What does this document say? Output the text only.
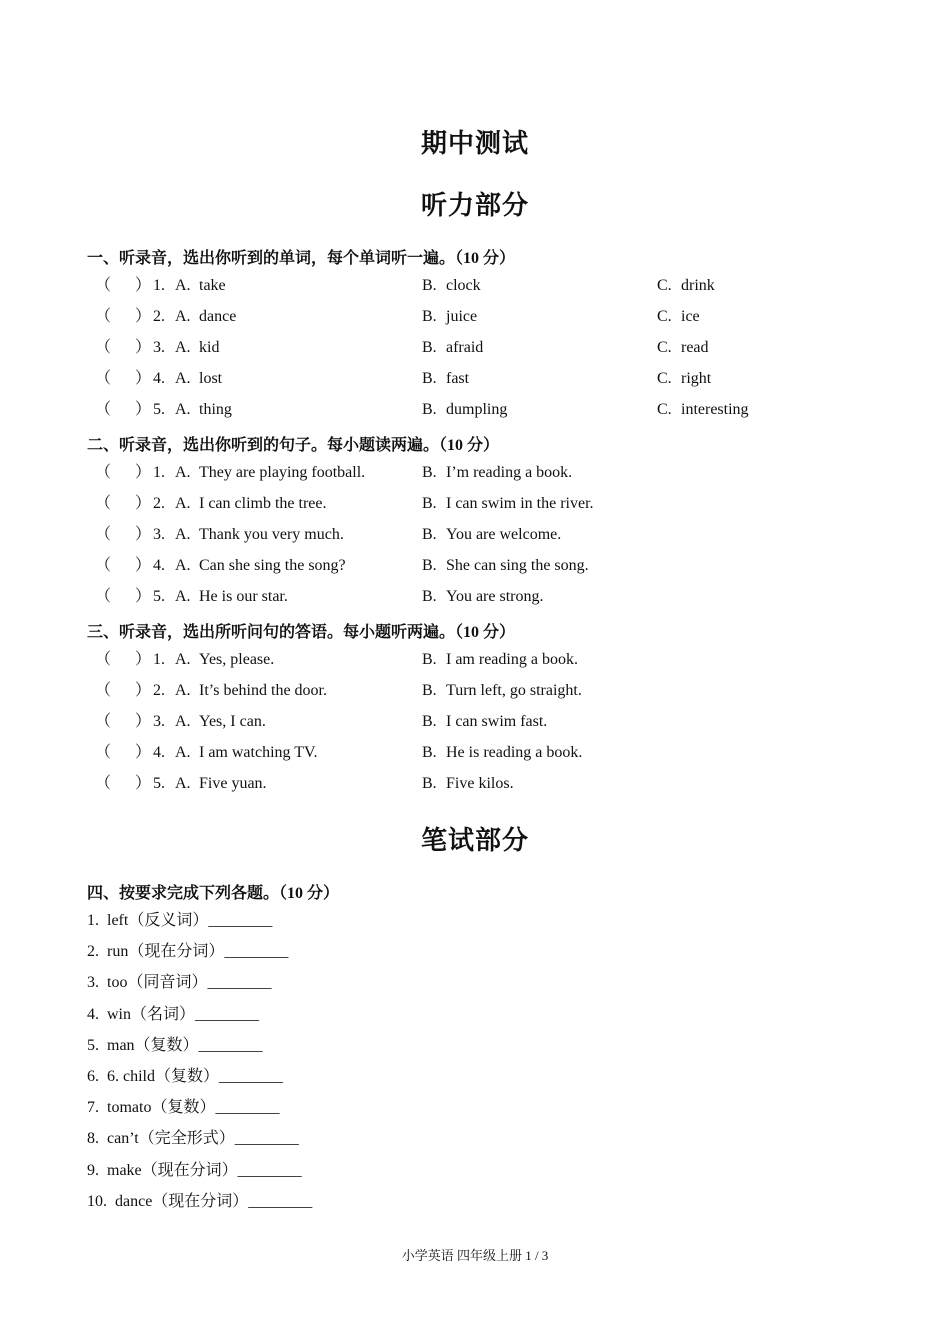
期中测试
听力部分
一、听录音，选出你听到的单词，每个单词听一遍。（10 分）
（ ） 1. A. take	B. clock	C. drink
（ ） 2. A. dance	B. juice	C. ice
（ ） 3. A. kid	B. afraid	C. read
（ ） 4. A. lost	B. fast	C. right
（ ） 5. A. thing	B. dumpling	C. interesting
二、听录音，选出你听到的句子。每小题读两遍。（10 分）
（ ） 1. A. They are playing football.	B. I’m reading a book.
（ ） 2. A. I can climb the tree.	B. I can swim in the river.
（ ） 3. A. Thank you very much.	B. You are welcome.
（ ） 4. A. Can she sing the song?	B. She can sing the song.
（ ） 5. A. He is our star.	B. You are strong.
三、听录音，选出所听问句的答语。每小题听两遍。（10 分）
（ ） 1. A. Yes, please.	B. I am reading a book.
（ ） 2. A. It’s behind the door.	B. Turn left, go straight.
（ ） 3. A. Yes, I can.	B. I can swim fast.
（ ） 4. A. I am watching TV.	B. He is reading a book.
（ ） 5. A. Five yuan.	B. Five kilos.
笔试部分
四、按要求完成下列各题。（10 分）
1.  left（反义词）________
2.  run（现在分词）________
3.  too（同音词）________
4.  win（名词）________
5.  man（复数）________
6.  6. child（复数）________
7.  tomato（复数）________
8.  can’t（完全形式）________
9.  make（现在分词）________
10.  dance（现在分词）________
小学英语 四年级上册 1 / 3
